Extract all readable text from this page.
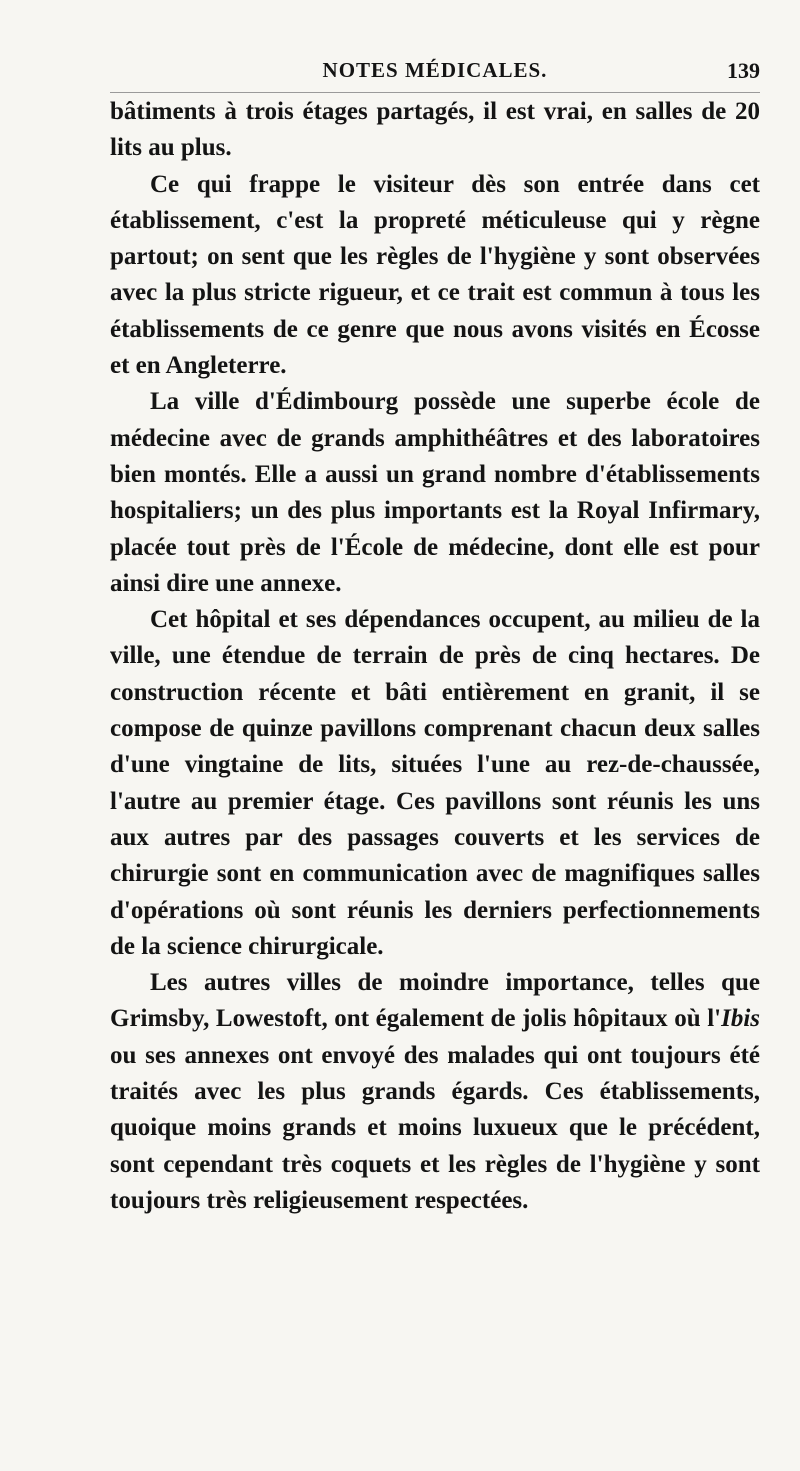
NOTES MÉDICALES.	139

bâtiments à trois étages partagés, il est vrai, en salles de 20 lits au plus.

Ce qui frappe le visiteur dès son entrée dans cet établissement, c'est la propreté méticuleuse qui y règne partout; on sent que les règles de l'hygiène y sont observées avec la plus stricte rigueur, et ce trait est commun à tous les établissements de ce genre que nous avons visités en Écosse et en Angleterre.

La ville d'Édimbourg possède une superbe école de médecine avec de grands amphithéâtres et des laboratoires bien montés. Elle a aussi un grand nombre d'établissements hospitaliers; un des plus importants est la Royal Infirmary, placée tout près de l'École de médecine, dont elle est pour ainsi dire une annexe.

Cet hôpital et ses dépendances occupent, au milieu de la ville, une étendue de terrain de près de cinq hectares. De construction récente et bâti entièrement en granit, il se compose de quinze pavillons comprenant chacun deux salles d'une vingtaine de lits, situées l'une au rez-de-chaussée, l'autre au premier étage. Ces pavillons sont réunis les uns aux autres par des passages couverts et les services de chirurgie sont en communication avec de magnifiques salles d'opérations où sont réunis les derniers perfectionnements de la science chirurgicale.

Les autres villes de moindre importance, telles que Grimsby, Lowestoft, ont également de jolis hôpitaux où l'Ibis ou ses annexes ont envoyé des malades qui ont toujours été traités avec les plus grands égards. Ces établissements, quoique moins grands et moins luxueux que le précédent, sont cependant très coquets et les règles de l'hygiène y sont toujours très religieusement respectées.
